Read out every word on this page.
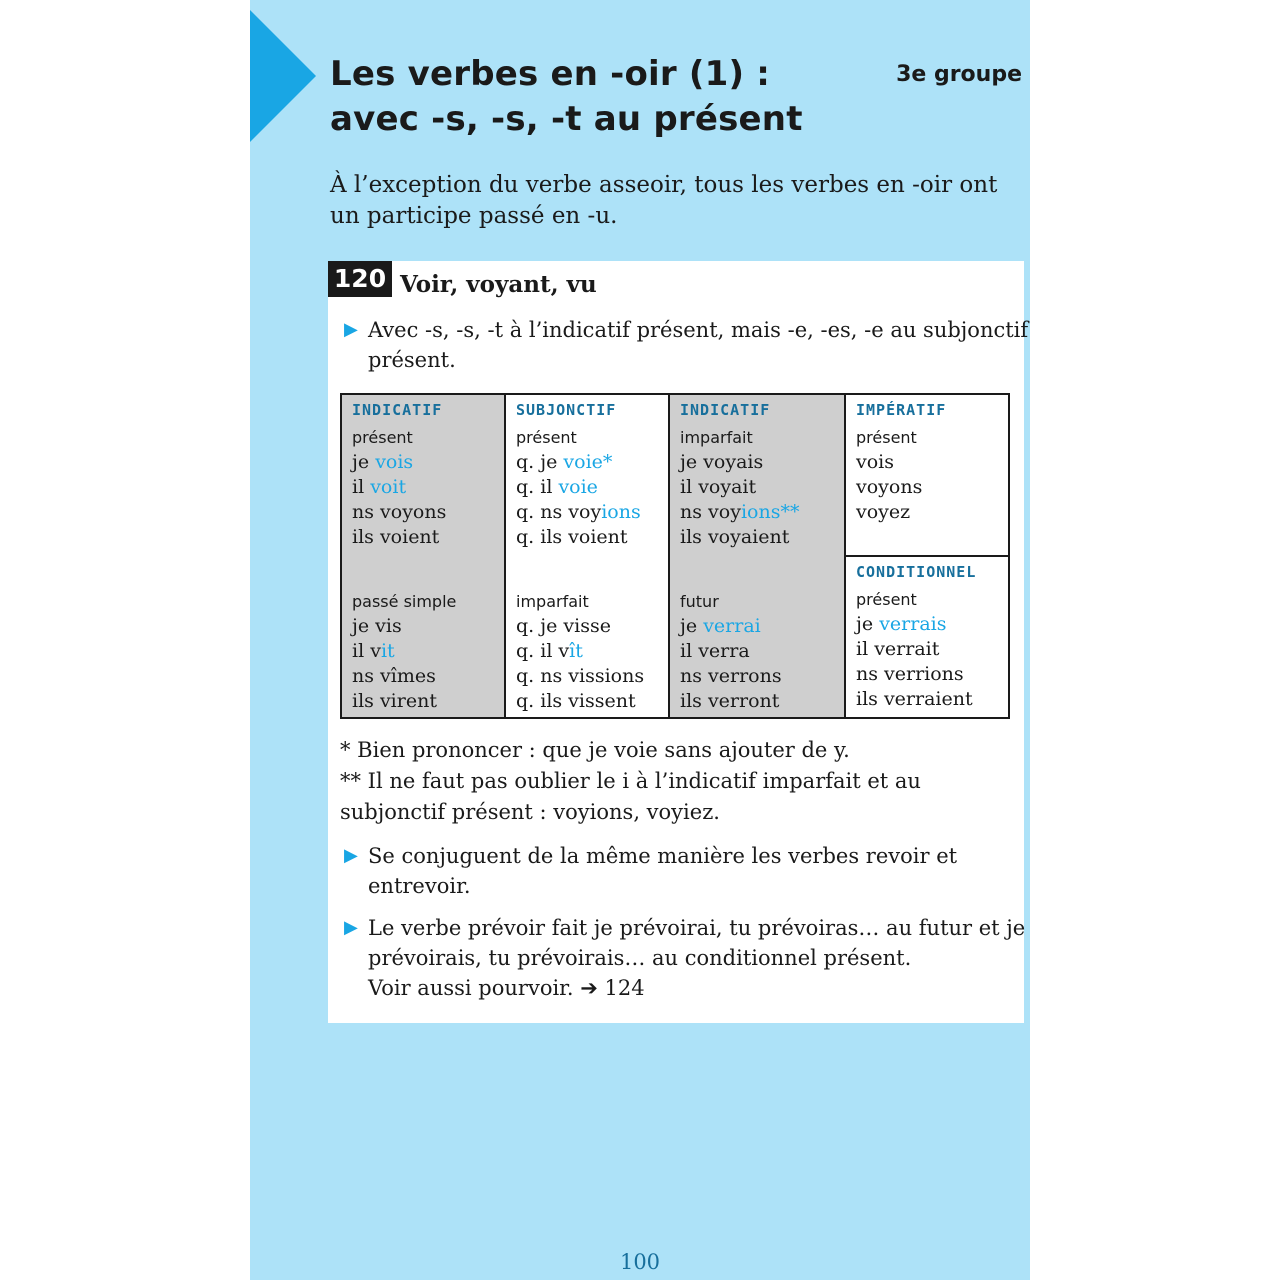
Les verbes en -oir (1) :
avec -s, -s, -t au présent
3e groupe
À l’exception du verbe asseoir, tous les verbes en -oir ont un participe passé en -u.
120 Voir, voyant, vu
▶ Avec -s, -s, -t à l’indicatif présent, mais -e, -es, -e au subjonctif présent.
INDICATIF
présent
je vois
il voit
ns voyons
ils voient
passé simple
je vis
il vit
ns vîmes
ils virent
SUBJONCTIF
présent
q. je voie*
q. il voie
q. ns voyions
q. ils voient
imparfait
q. je visse
q. il vît
q. ns vissions
q. ils vissent
INDICATIF
imparfait
je voyais
il voyait
ns voyions**
ils voyaient
futur
je verrai
il verra
ns verrons
ils verront
IMPÉRATIF
présent
vois
voyons
voyez
CONDITIONNEL
présent
je verrais
il verrait
ns verrions
ils verraient
* Bien prononcer : que je voie sans ajouter de y.
** Il ne faut pas oublier le i à l’indicatif imparfait et au subjonctif présent : voyions, voyiez.
▶ Se conjuguent de la même manière les verbes revoir et entrevoir.
▶ Le verbe prévoir fait je prévoirai, tu prévoiras… au futur et je prévoirais, tu prévoirais… au conditionnel présent.
Voir aussi pourvoir. ➔ 124
100
